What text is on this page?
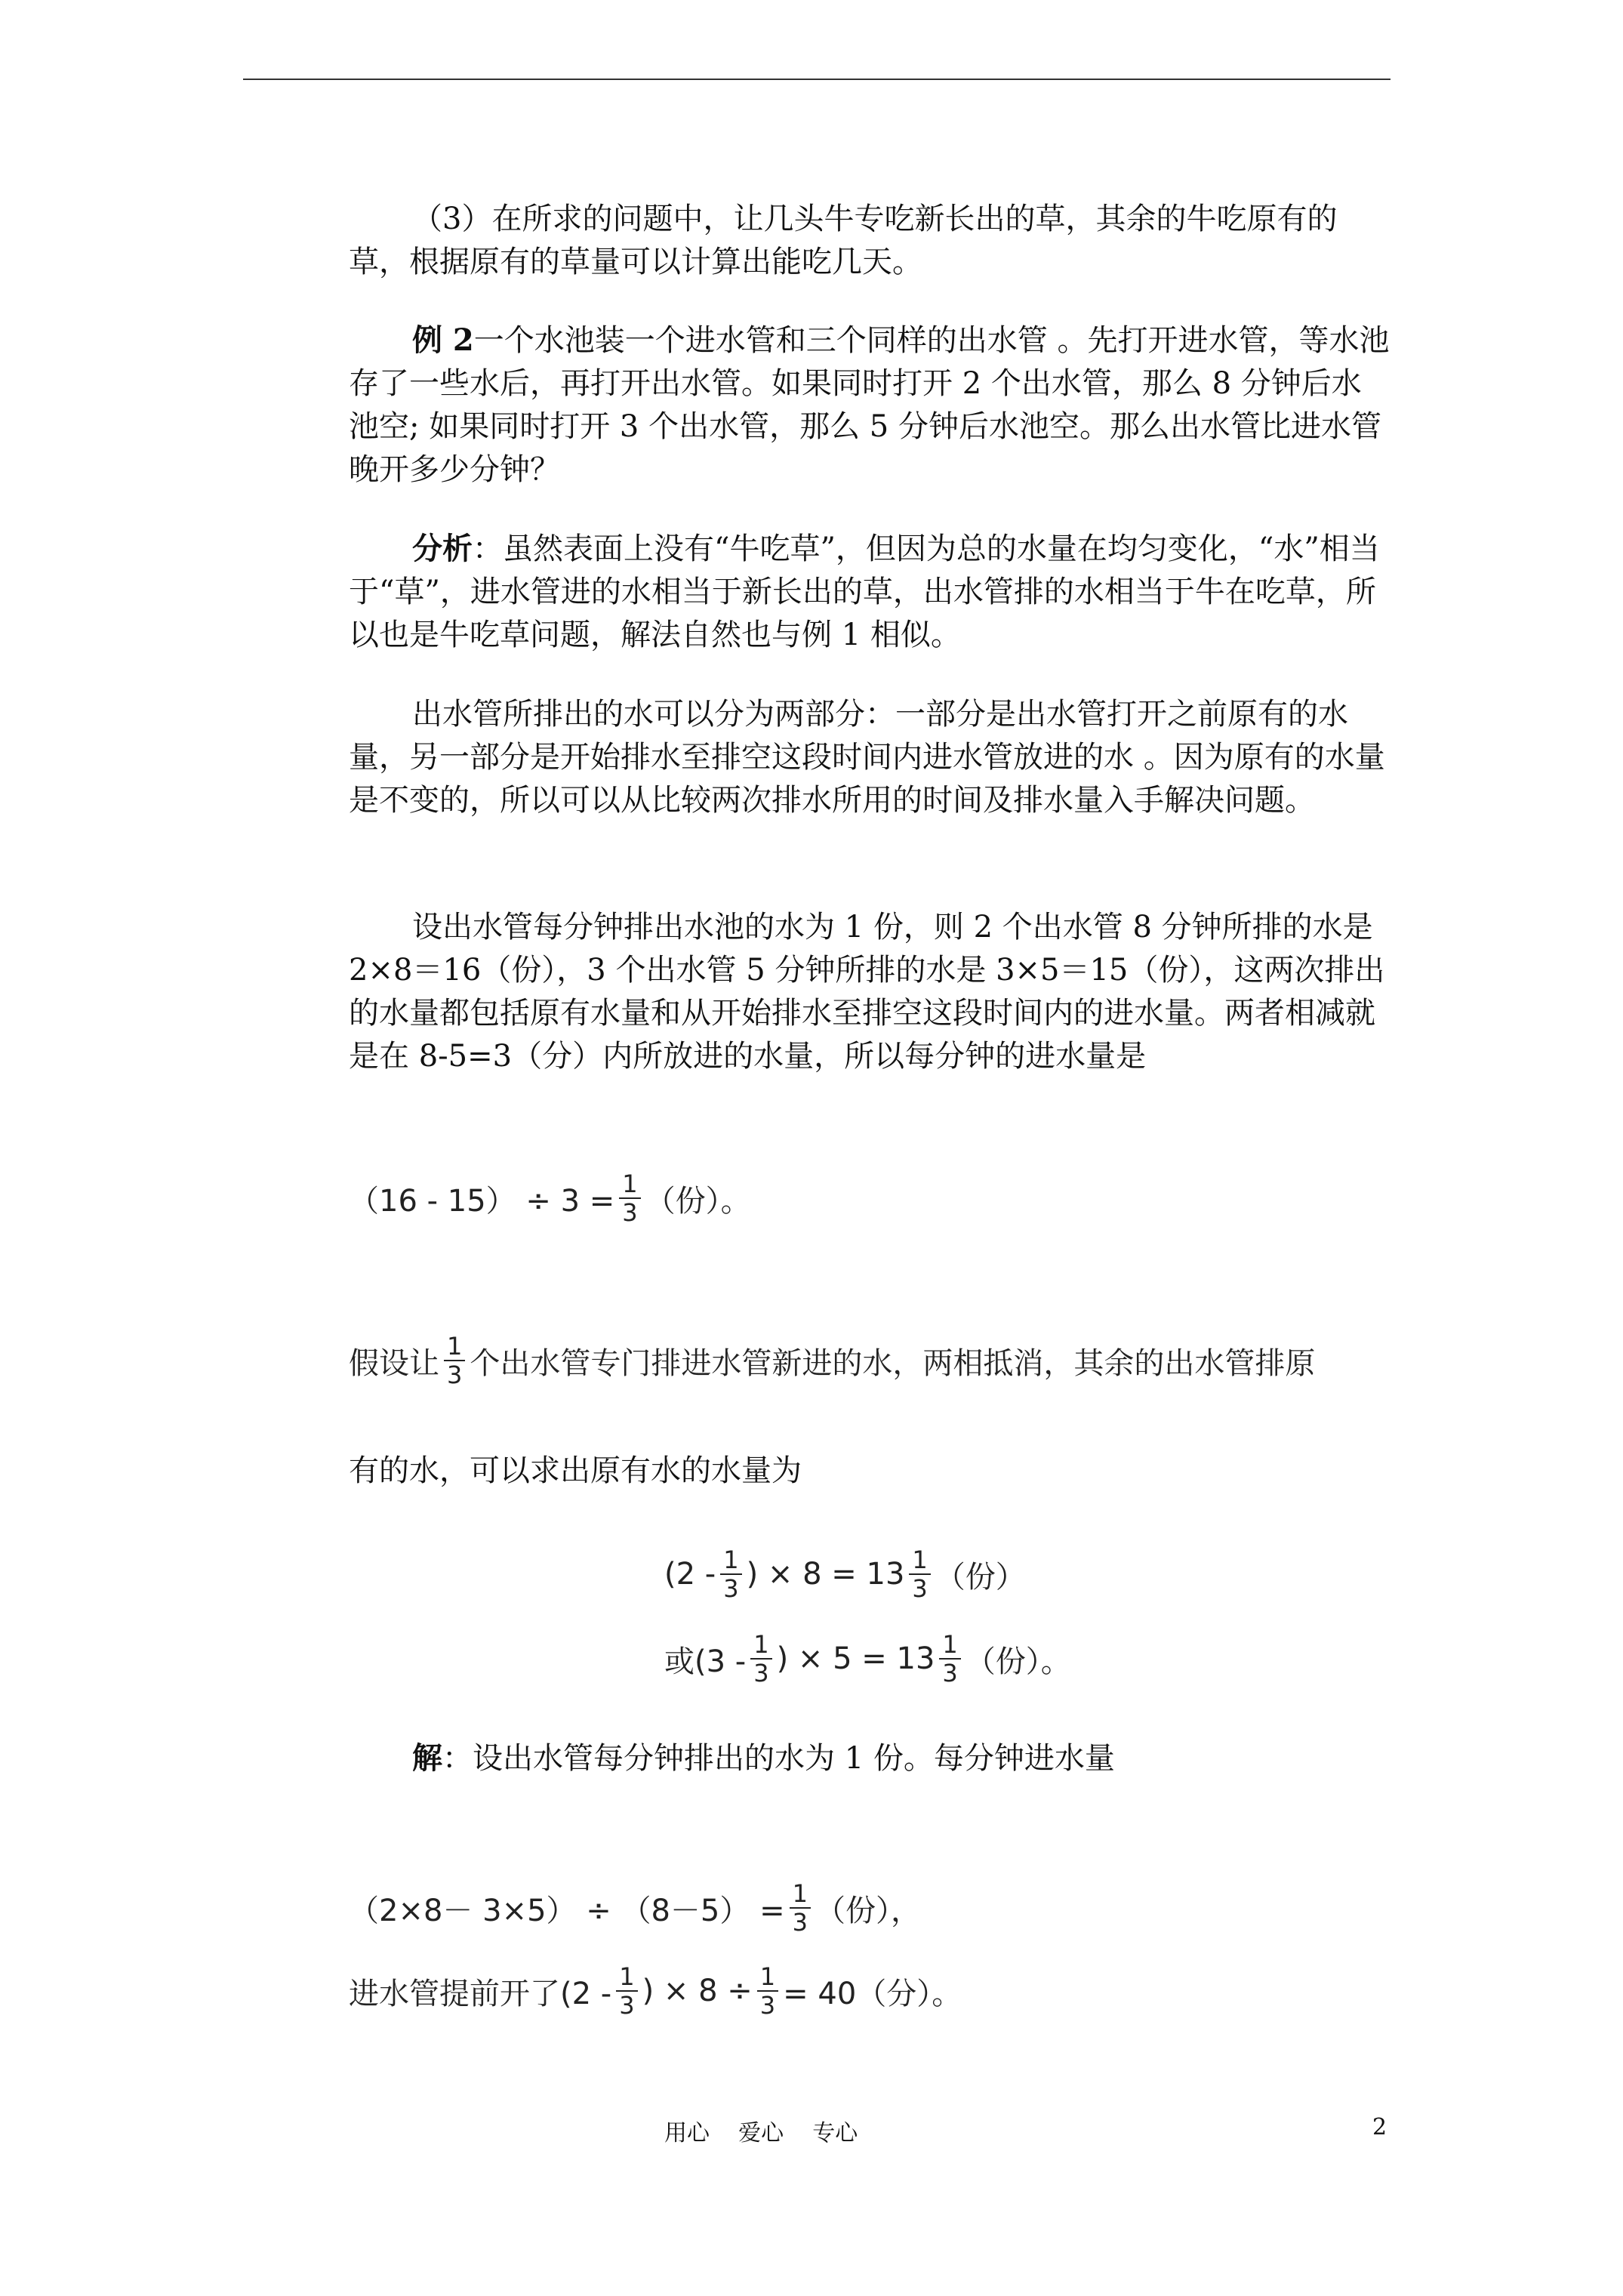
（3）在所求的问题中，让几头牛专吃新长出的草，其余的牛吃原有的草，根据原有的草量可以计算出能吃几天。

例 2一个水池装一个进水管和三个同样的出水管 。先打开进水管，等水池存了一些水后，再打开出水管。如果同时打开 2 个出水管，那么 8 分钟后水池空; 如果同时打开 3 个出水管，那么 5 分钟后水池空。那么出水管比进水管晚开多少分钟？

分析：虽然表面上没有“牛吃草”，但因为总的水量在均匀变化，“水”相当于“草”，进水管进的水相当于新长出的草，出水管排的水相当于牛在吃草，所以也是牛吃草问题，解法自然也与例 1 相似。

出水管所排出的水可以分为两部分：一部分是出水管打开之前原有的水量，另一部分是开始排水至排空这段时间内进水管放进的水 。因为原有的水量是不变的，所以可以从比较两次排水所用的时间及排水量入手解决问题。

设出水管每分钟排出水池的水为 1 份，则 2 个出水管 8 分钟所排的水是 2×8＝16（份），3 个出水管 5 分钟所排的水是 3×5＝15（份），这两次排出的水量都包括原有水量和从开始排水至排空这段时间内的进水量。两者相减就是在 8-5=3（分）内所放进的水量，所以每分钟的进水量是

$(16 - 15) \div 3 = \frac{1}{3}$ （份）。
假设让 $\frac{1}{3}$ 个出水管专门排进水管新进的水，两相抵消，其余的出水管排原

有的水，可以求出原有水的水量为

($2 - \frac{1}{3}$ ) × $8 = 13 \frac{1}{3}$ （份）
或($3 - \frac{1}{3}$ ) × $5 = 13 \frac{1}{3}$ （份）。

解：设出水管每分钟排出的水为 1 份。每分钟进水量

$(2\times 8- 3\times 5) \div (8-5) = \frac{1}{3}$ （份），
进水管提前开了($2 - \frac{1}{3}$ ) × $8 \div \frac{1}{3} = 40$（分）。
用心    爱心    专心	2
